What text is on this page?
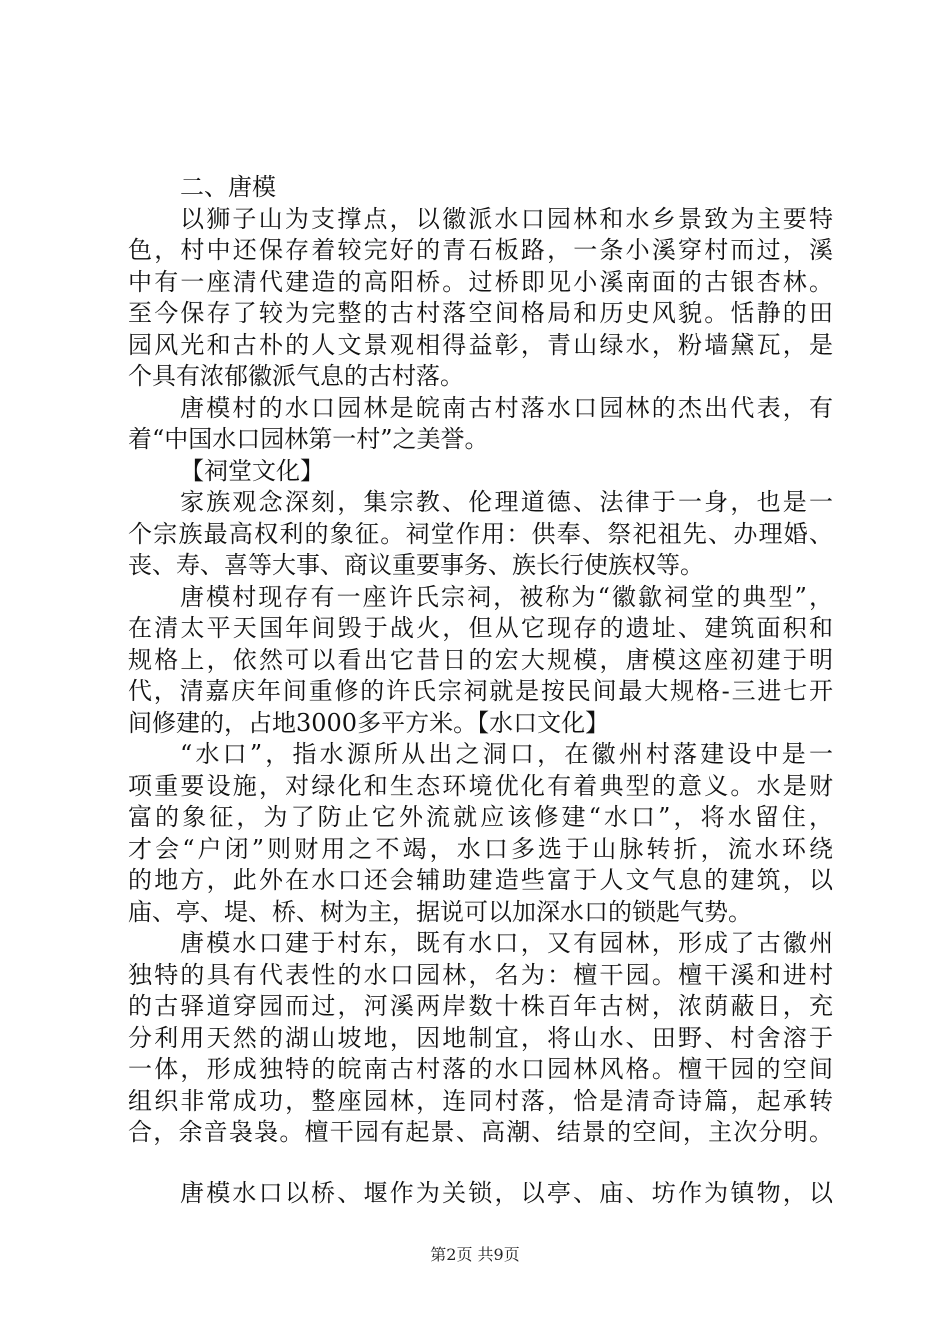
二、唐模
以狮子山为支撑点，以徽派水口园林和水乡景致为主要特
色，村中还保存着较完好的青石板路，一条小溪穿村而过，溪
中有一座清代建造的高阳桥。过桥即见小溪南面的古银杏林。
至今保存了较为完整的古村落空间格局和历史风貌。恬静的田
园风光和古朴的人文景观相得益彰，青山绿水，粉墙黛瓦，是
个具有浓郁徽派气息的古村落。
唐模村的水口园林是皖南古村落水口园林的杰出代表，有
着“中国水口园林第一村”之美誉。
【祠堂文化】
家族观念深刻，集宗教、伦理道德、法律于一身，也是一
个宗族最高权利的象征。祠堂作用：供奉、祭祀祖先、办理婚、
丧、寿、喜等大事、商议重要事务、族长行使族权等。
唐模村现存有一座许氏宗祠，被称为“徽歙祠堂的典型”，
在清太平天国年间毁于战火，但从它现存的遗址、建筑面积和
规格上，依然可以看出它昔日的宏大规模，唐模这座初建于明
代，清嘉庆年间重修的许氏宗祠就是按民间最大规格-三进七开
间修建的，占地3000多平方米。【水口文化】
“水口”，指水源所从出之洞口，在徽州村落建设中是一
项重要设施，对绿化和生态环境优化有着典型的意义。水是财
富的象征，为了防止它外流就应该修建“水口”，将水留住，
才会“户闭”则财用之不竭，水口多选于山脉转折，流水环绕
的地方，此外在水口还会辅助建造些富于人文气息的建筑，以
庙、亭、堤、桥、树为主，据说可以加深水口的锁匙气势。
唐模水口建于村东，既有水口，又有园林，形成了古徽州
独特的具有代表性的水口园林，名为：檀干园。檀干溪和进村
的古驿道穿园而过，河溪两岸数十株百年古树，浓荫蔽日，充
分利用天然的湖山坡地，因地制宜，将山水、田野、村舍溶于
一体，形成独特的皖南古村落的水口园林风格。檀干园的空间
组织非常成功，整座园林，连同村落，恰是清奇诗篇，起承转
合，余音袅袅。檀干园有起景、高潮、结景的空间，主次分明。
唐模水口以桥、堰作为关锁，以亭、庙、坊作为镇物，以
第2页 共9页
